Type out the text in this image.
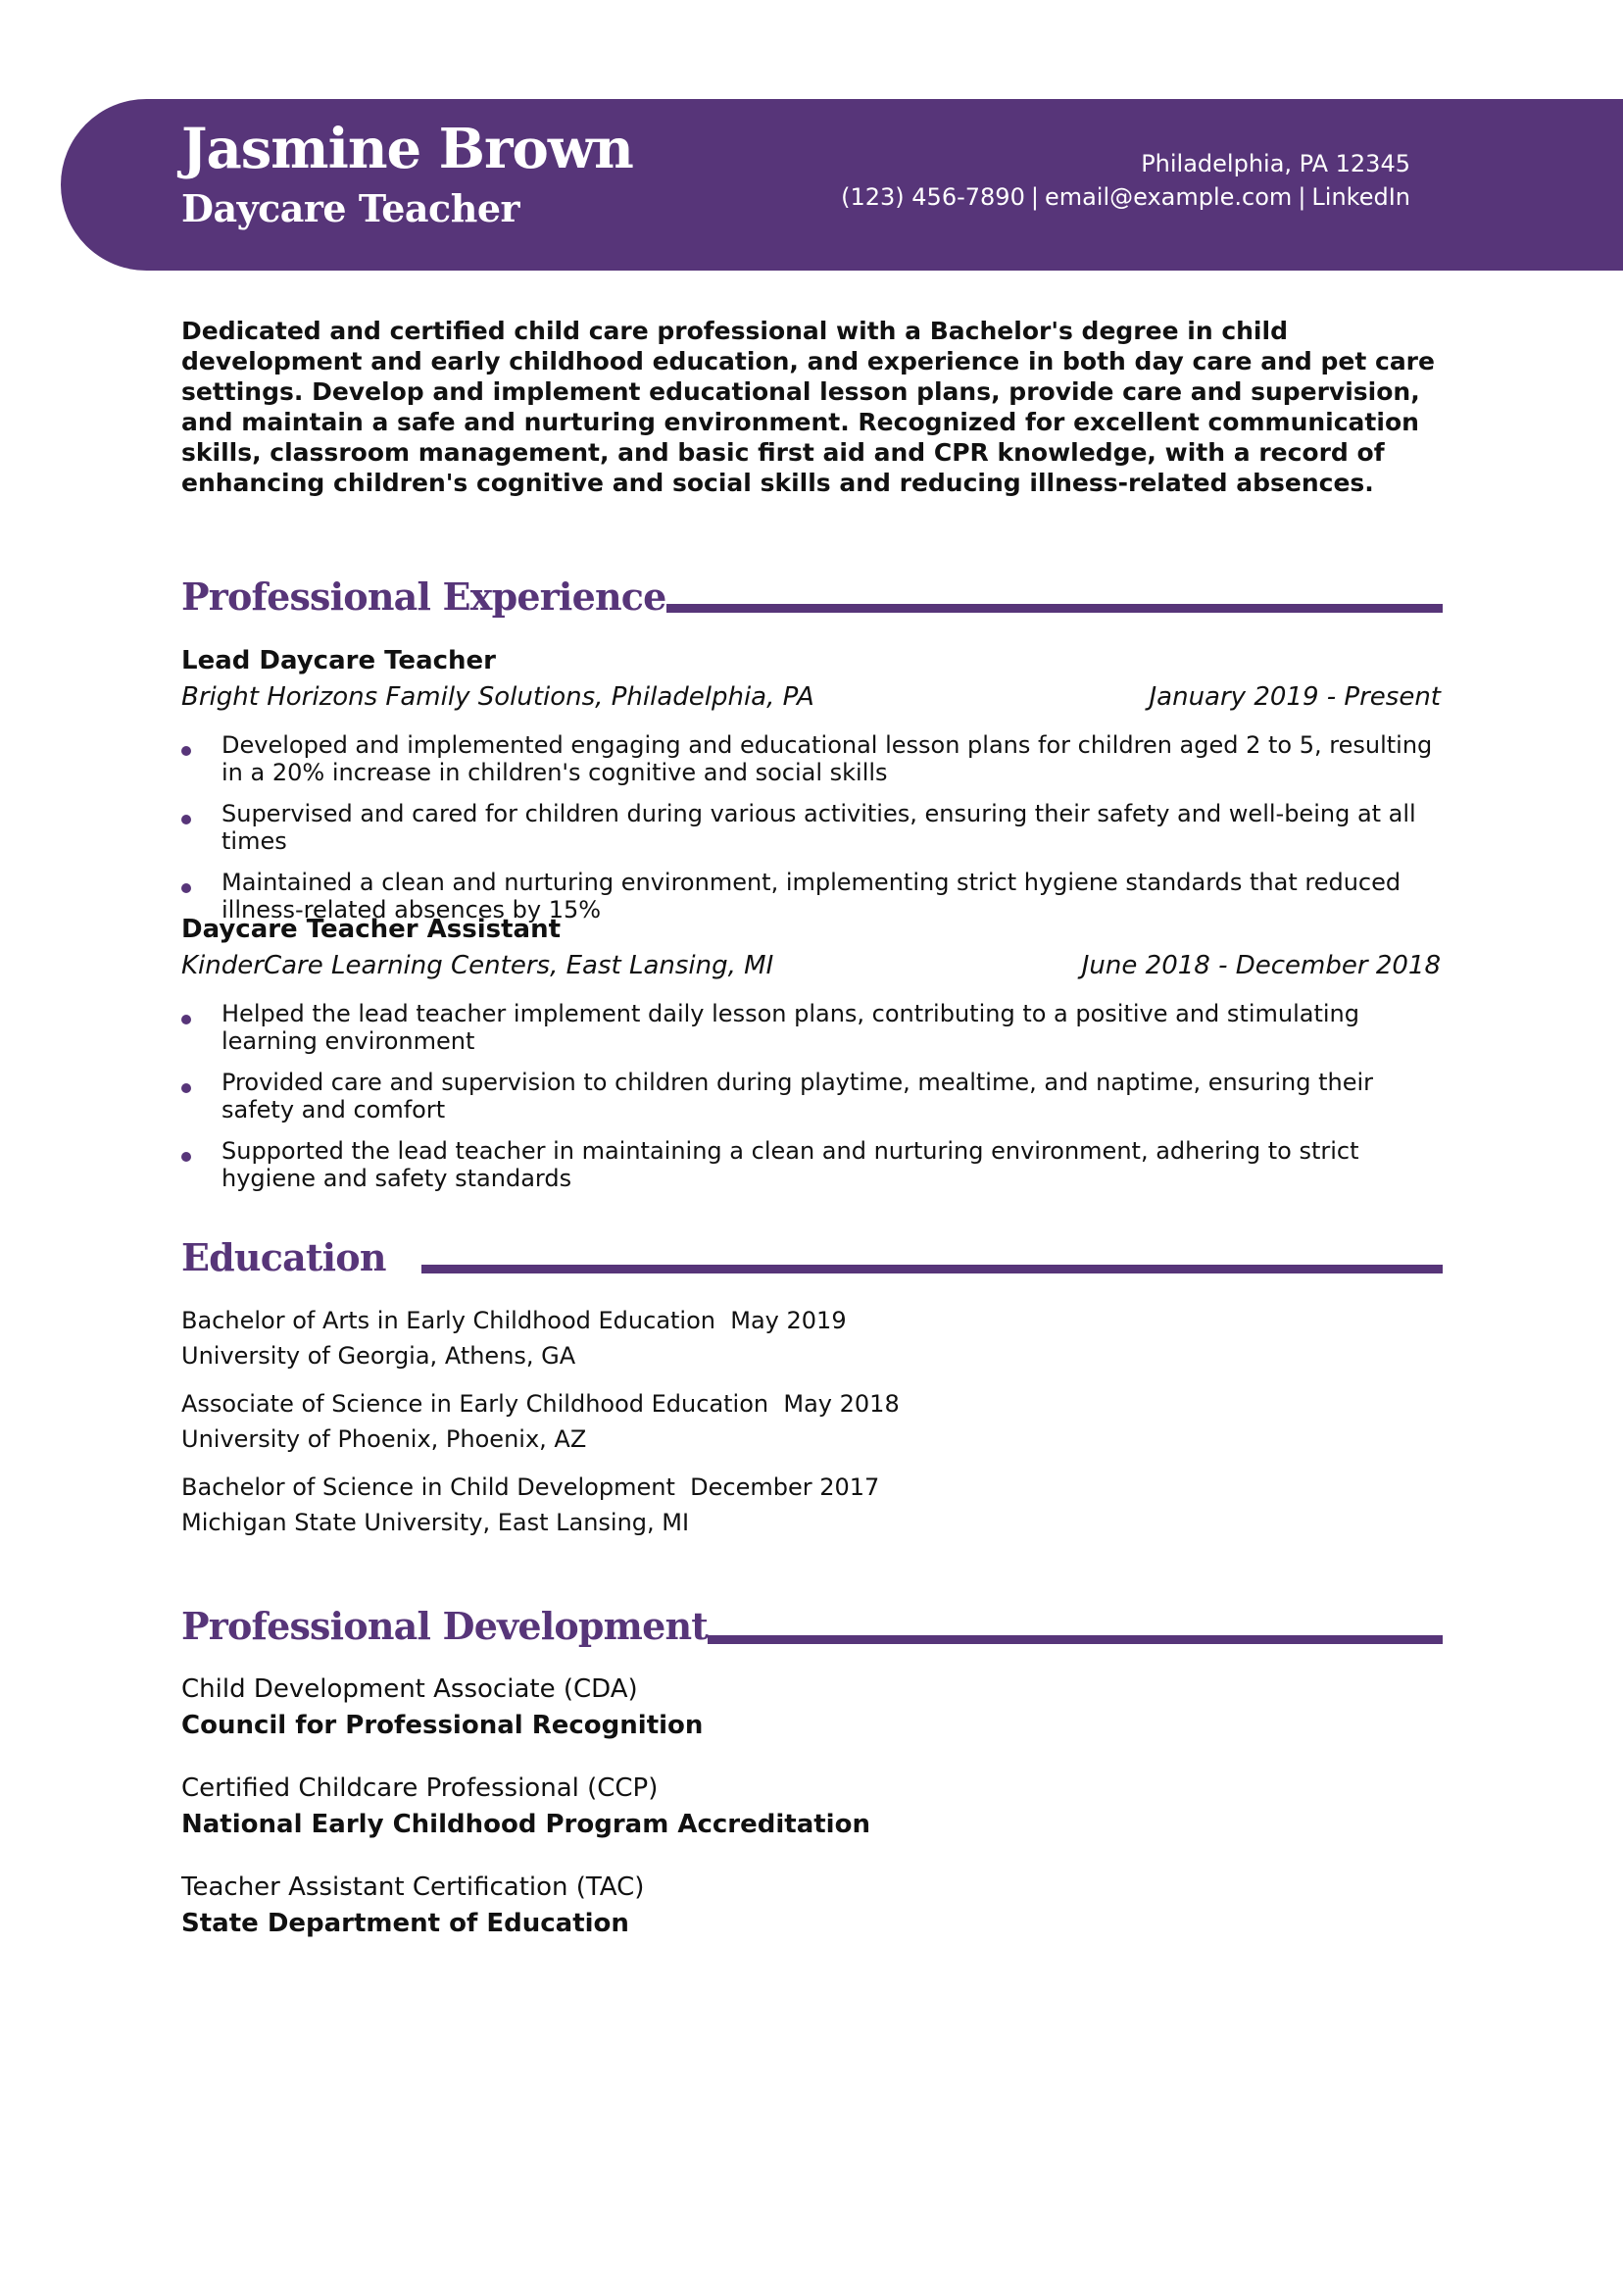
Jasmine Brown
Daycare Teacher
Philadelphia, PA 12345
(123) 456-7890 | email@example.com | LinkedIn

Dedicated and certified child care professional with a Bachelor's degree in child development and early childhood education, and experience in both day care and pet care settings. Develop and implement educational lesson plans, provide care and supervision, and maintain a safe and nurturing environment. Recognized for excellent communication skills, classroom management, and basic first aid and CPR knowledge, with a record of enhancing children's cognitive and social skills and reducing illness-related absences.

Professional Experience
Lead Daycare Teacher
Bright Horizons Family Solutions, Philadelphia, PA	January 2019 - Present
Developed and implemented engaging and educational lesson plans for children aged 2 to 5, resulting in a 20% increase in children's cognitive and social skills
Supervised and cared for children during various activities, ensuring their safety and well-being at all times
Maintained a clean and nurturing environment, implementing strict hygiene standards that reduced illness-related absences by 15%
Daycare Teacher Assistant
KinderCare Learning Centers, East Lansing, MI	June 2018 - December 2018
Helped the lead teacher implement daily lesson plans, contributing to a positive and stimulating learning environment
Provided care and supervision to children during playtime, mealtime, and naptime, ensuring their safety and comfort
Supported the lead teacher in maintaining a clean and nurturing environment, adhering to strict hygiene and safety standards
Education
Bachelor of Arts in Early Childhood Education May 2019
University of Georgia, Athens, GA
Associate of Science in Early Childhood Education May 2018
University of Phoenix, Phoenix, AZ
Bachelor of Science in Child Development December 2017
Michigan State University, East Lansing, MI
Professional Development
Child Development Associate (CDA)
Council for Professional Recognition
Certified Childcare Professional (CCP)
National Early Childhood Program Accreditation
Teacher Assistant Certification (TAC)
State Department of Education
